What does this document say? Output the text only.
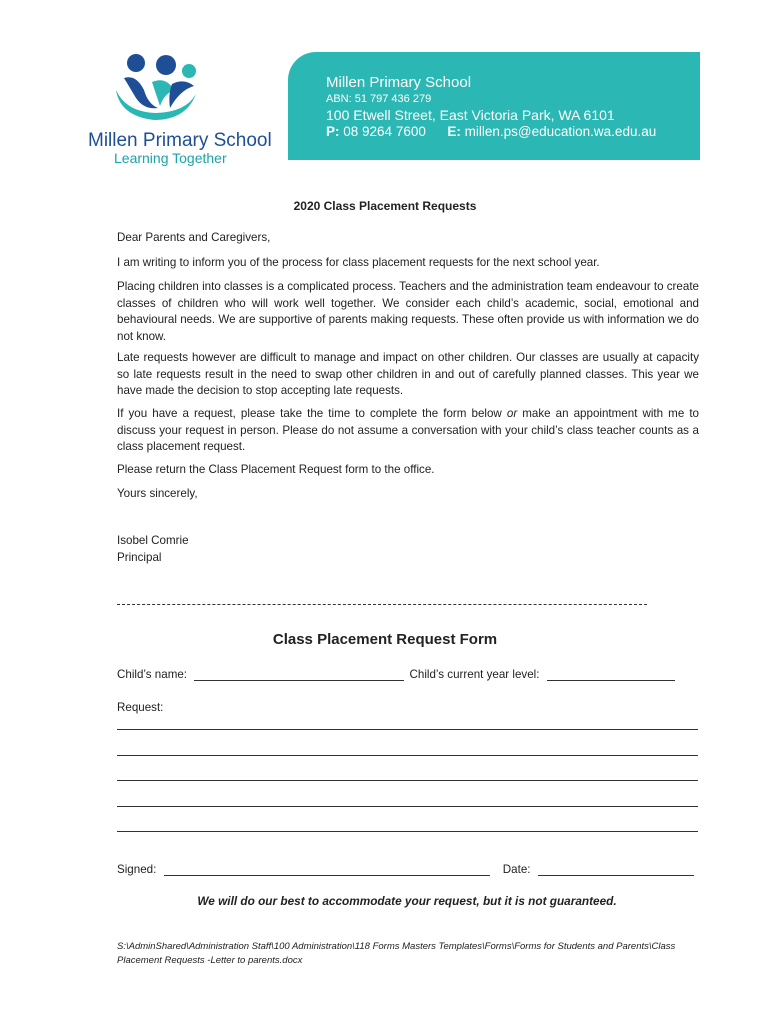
Millen Primary School
Learning Together
Millen Primary School
ABN: 51 797 436 279
100 Etwell Street, East Victoria Park, WA 6101
P: 08 9264 7600 E: millen.ps@education.wa.edu.au
2020 Class Placement Requests
Dear Parents and Caregivers,
I am writing to inform you of the process for class placement requests for the next school year.
Placing children into classes is a complicated process. Teachers and the administration team endeavour to create classes of children who will work well together. We consider each child’s academic, social, emotional and behavioural needs. We are supportive of parents making requests. These often provide us with information we do not know.
Late requests however are difficult to manage and impact on other children. Our classes are usually at capacity so late requests result in the need to swap other children in and out of carefully planned classes. This year we have made the decision to stop accepting late requests.
If you have a request, please take the time to complete the form below or make an appointment with me to discuss your request in person. Please do not assume a conversation with your child’s class teacher counts as a class placement request.
Please return the Class Placement Request form to the office.
Yours sincerely,
Isobel Comrie
Principal
Class Placement Request Form
Child’s name:	Child’s current year level:
Request:
Signed:	Date:
We will do our best to accommodate your request, but it is not guaranteed.
S:\AdminShared\Administration Staff\100 Administration\118 Forms Masters Templates\Forms\Forms for Students and Parents\Class Placement Requests -Letter to parents.docx
